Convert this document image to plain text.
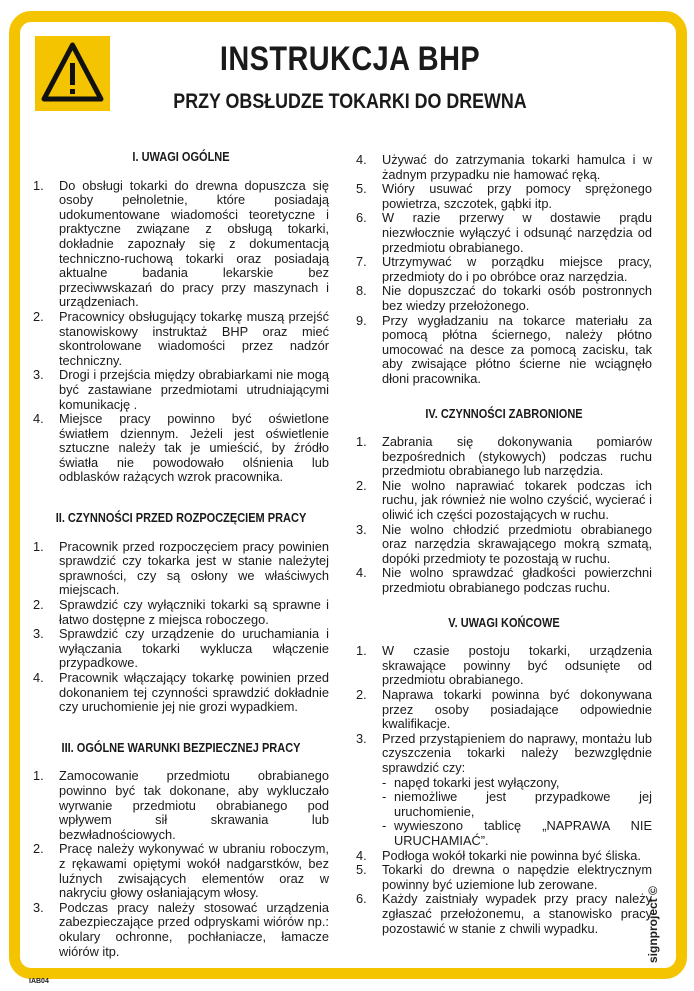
INSTRUKCJA BHP
PRZY OBSŁUDZE TOKARKI DO DREWNA

I. UWAGI OGÓLNE

1. Do obsługi tokarki do drewna dopuszcza się osoby pełnoletnie, które posiadają udokumentowane wiadomości teoretyczne i praktyczne związane z obsługą tokarki, dokładnie zapoznały się z dokumentacją techniczno-ruchową tokarki oraz posiadają aktualne badania lekarskie bez przeciwwskazań do pracy przy maszynach i urządzeniach.
2. Pracownicy obsługujący tokarkę muszą przejść stanowiskowy instruktaż BHP oraz mieć skontrolowane wiadomości przez nadzór techniczny.
3. Drogi i przejścia między obrabiarkami nie mogą być zastawiane przedmiotami utrudniającymi komunikację .
4. Miejsce pracy powinno być oświetlone światłem dziennym. Jeżeli jest oświetlenie sztuczne należy tak je umieścić, by źródło światła nie powodowało olśnienia lub odblasków rażących wzrok pracownika.

II. CZYNNOŚCI PRZED ROZPOCZĘCIEM PRACY

1. Pracownik przed rozpoczęciem pracy powinien sprawdzić czy tokarka jest w stanie należytej sprawności, czy są osłony we właściwych miejscach.
2. Sprawdzić czy wyłączniki tokarki są sprawne i łatwo dostępne z miejsca roboczego.
3. Sprawdzić czy urządzenie do uruchamiania i wyłączania tokarki wyklucza włączenie przypadkowe.
4. Pracownik włączający tokarkę powinien przed dokonaniem tej czynności sprawdzić dokładnie czy uruchomienie jej nie grozi wypadkiem.

III. OGÓLNE WARUNKI BEZPIECZNEJ PRACY

1. Zamocowanie przedmiotu obrabianego powinno być tak dokonane, aby wykluczało wyrwanie przedmiotu obrabianego pod wpływem sił skrawania lub bezwładnościowych.
2. Pracę należy wykonywać w ubraniu roboczym, z rękawami opiętymi wokół nadgarstków, bez luźnych zwisających elementów oraz w nakryciu głowy osłaniającym włosy.
3. Podczas pracy należy stosować urządzenia zabezpieczające przed odpryskami wiórów np.: okulary ochronne, pochłaniacze, łamacze wiórów itp.
4. Używać do zatrzymania tokarki hamulca i w żadnym przypadku nie hamować ręką.
5. Wióry usuwać przy pomocy sprężonego powietrza, szczotek, gąbki itp.
6. W razie przerwy w dostawie prądu niezwłocznie wyłączyć i odsunąć narzędzia od przedmiotu obrabianego.
7. Utrzymywać w porządku miejsce pracy, przedmioty do i po obróbce oraz narzędzia.
8. Nie dopuszczać do tokarki osób postronnych bez wiedzy przełożonego.
9. Przy wygładzaniu na tokarce materiału za pomocą płótna ściernego, należy płótno umocować na desce za pomocą zacisku, tak aby zwisające płótno ścierne nie wciągnęło dłoni pracownika.

IV. CZYNNOŚCI ZABRONIONE

1. Zabrania się dokonywania pomiarów bezpośrednich (stykowych) podczas ruchu przedmiotu obrabianego lub narzędzia.
2. Nie wolno naprawiać tokarek podczas ich ruchu, jak również nie wolno czyścić, wycierać i oliwić ich części pozostających w ruchu.
3. Nie wolno chłodzić przedmiotu obrabianego oraz narzędzia skrawającego mokrą szmatą, dopóki przedmioty te pozostają w ruchu.
4. Nie wolno sprawdzać gładkości powierzchni przedmiotu obrabianego podczas ruchu.

V. UWAGI KOŃCOWE

1. W czasie postoju tokarki, urządzenia skrawające powinny być odsunięte od przedmiotu obrabianego.
2. Naprawa tokarki powinna być dokonywana przez osoby posiadające odpowiednie kwalifikacje.
3. Przed przystąpieniem do naprawy, montażu lub czyszczenia tokarki należy bezwzględnie sprawdzić czy:
- napęd tokarki jest wyłączony,
- niemożliwe jest przypadkowe jej uruchomienie,
- wywieszono tablicę „NAPRAWA NIE URUCHAMIAĆ”.
4. Podłoga wokół tokarki nie powinna być śliska.
5. Tokarki do drewna o napędzie elektrycznym powinny być uziemione lub zerowane.
6. Każdy zaistniały wypadek przy pracy należy zgłaszać przełożonemu, a stanowisko pracy pozostawić w stanie z chwili wypadku.	signproject ©
IAB04
